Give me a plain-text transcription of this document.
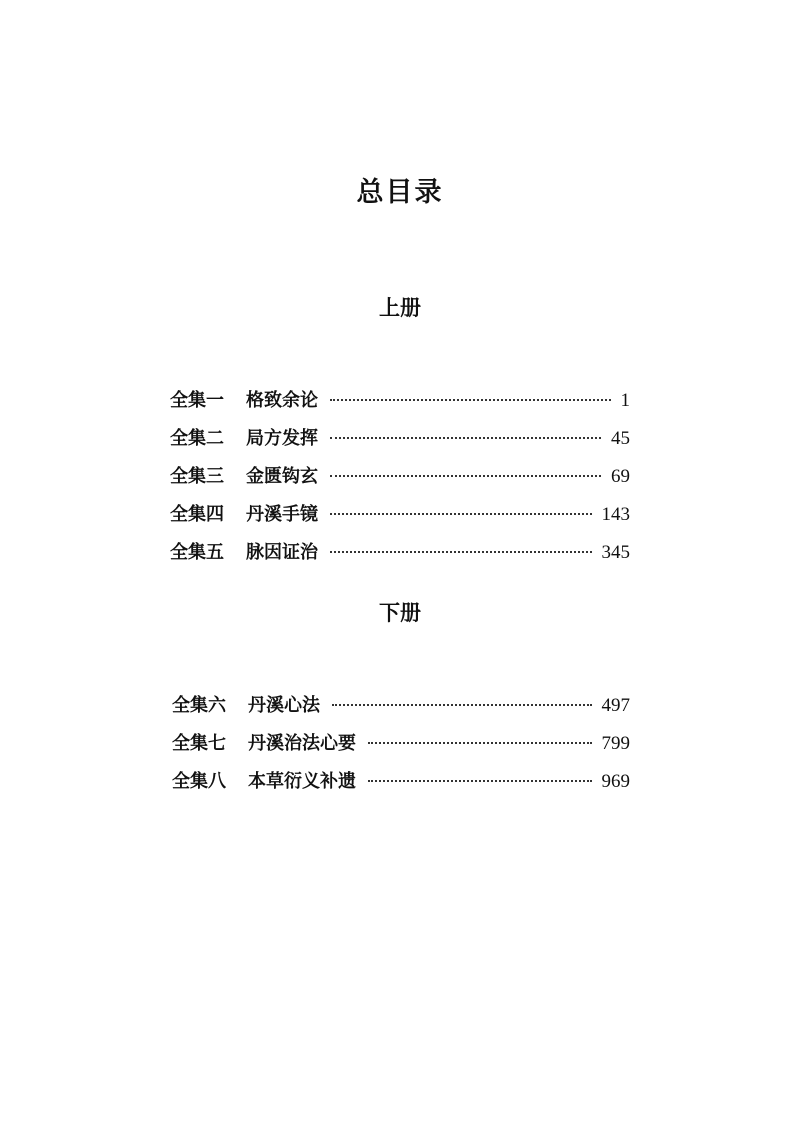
总目录
上册
全集一 格致余论	1
全集二 局方发挥	45
全集三 金匮钩玄	69
全集四 丹溪手镜	143
全集五 脉因证治	345
下册
全集六 丹溪心法	497
全集七 丹溪治法心要	799
全集八 本草衍义补遗	969
